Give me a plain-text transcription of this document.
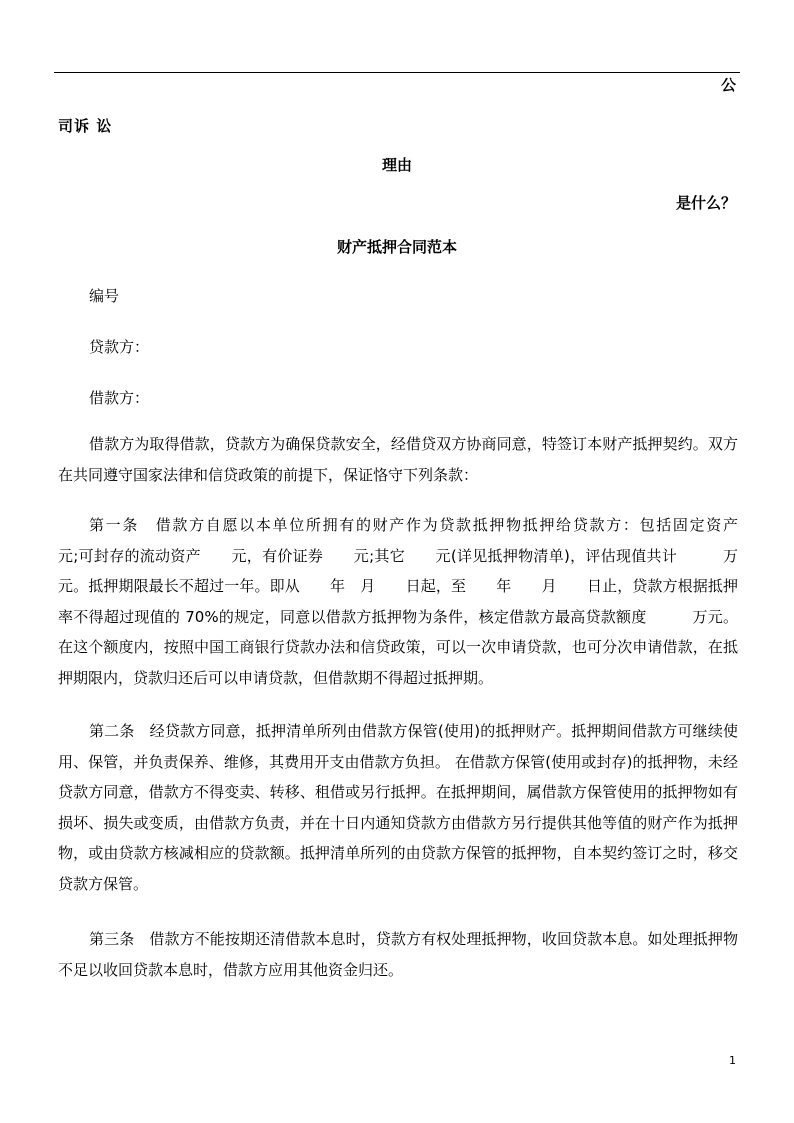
公
司诉 讼
理由
是什么？
财产抵押合同范本
编号
贷款方：
借款方：

借款方为取得借款，贷款方为确保贷款安全，经借贷双方协商同意，特签订本财产抵押契约。双方在共同遵守国家法律和信贷政策的前提下，保证恪守下列条款：

第一条　借款方自愿以本单位所拥有的财产作为贷款抵押物抵押给贷款方：包括固定资产　　　元;可封存的流动资产　　元，有价证券　　元;其它　　元(详见抵押物清单)，评估现值共计　　　万元。抵押期限最长不超过一年。即从　　年　月　　日起，至　　年　　月　　日止，贷款方根据抵押率不得超过现值的 70%的规定，同意以借款方抵押物为条件，核定借款方最高贷款额度　　　万元。在这个额度内，按照中国工商银行贷款办法和信贷政策，可以一次申请贷款，也可分次申请借款，在抵押期限内，贷款归还后可以申请贷款，但借款期不得超过抵押期。

第二条　经贷款方同意，抵押清单所列由借款方保管(使用)的抵押财产。抵押期间借款方可继续使用、保管，并负责保养、维修，其费用开支由借款方负担。 在借款方保管(使用或封存)的抵押物，未经贷款方同意，借款方不得变卖、转移、租借或另行抵押。在抵押期间，属借款方保管使用的抵押物如有损坏、损失或变质，由借款方负责，并在十日内通知贷款方由借款方另行提供其他等值的财产作为抵押物，或由贷款方核减相应的贷款额。抵押清单所列的由贷款方保管的抵押物，自本契约签订之时，移交贷款方保管。

第三条　借款方不能按期还清借款本息时，贷款方有权处理抵押物，收回贷款本息。如处理抵押物不足以收回贷款本息时，借款方应用其他资金归还。

1
